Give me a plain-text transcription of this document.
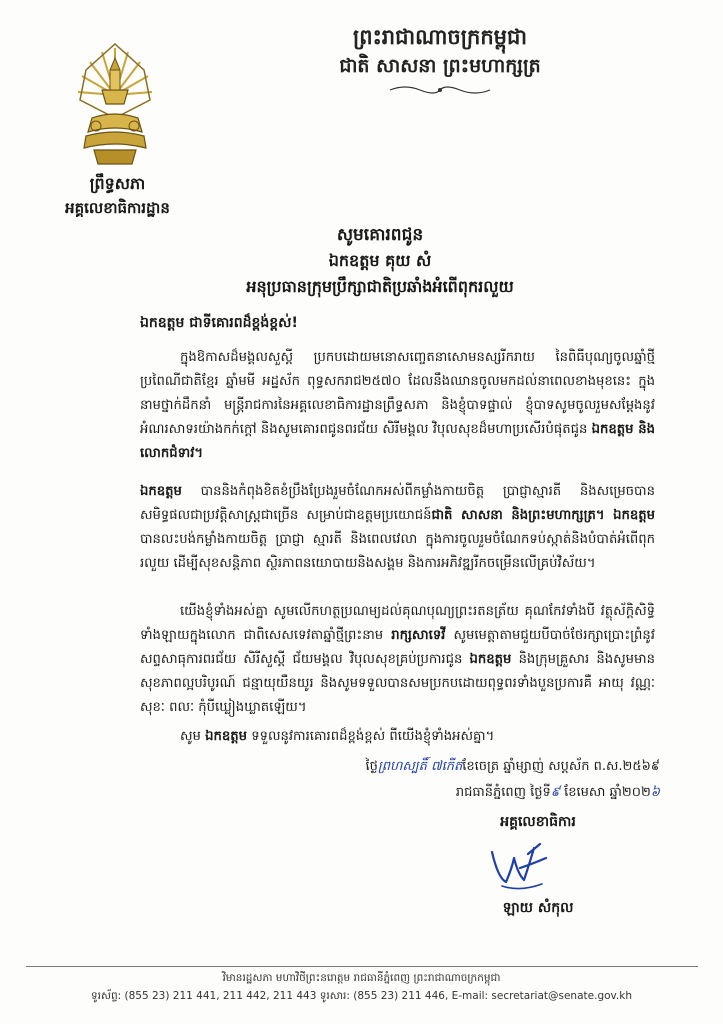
ព្រះរាជាណាចក្រកម្ពុជា
ជាតិ សាសនា ព្រះមហាក្សត្រ
ព្រឹទ្ធសភា
អគ្គលេខាធិការដ្ឋាន
សូមគោរពជូន
ឯកឧត្តម គុយ សំ
អនុប្រធានក្រុមប្រឹក្សាជាតិប្រឆាំងអំពើពុករលួយ
ឯកឧត្តម ជាទីគោរពដ៏ខ្ពង់ខ្ពស់!
ក្នុងឱកាសដ៏មង្គលសួស្តី ប្រកបដោយមនោសញ្ចេតនាសោមនស្សរីករាយ នៃពិធីបុណ្យចូលឆ្នាំថ្មី ប្រពៃណីជាតិខ្មែរ ឆ្នាំមមី អដ្ឋស័ក ពុទ្ធសករាជ២៥៧០ ដែលនឹងឈានចូលមកដល់នាពេលខាងមុខនេះ ក្នុងនាមថ្នាក់ដឹកនាំ មន្ត្រីរាជការនៃអគ្គលេខាធិការដ្ឋានព្រឹទ្ធសភា និងខ្ញុំបាទផ្ទាល់ ខ្ញុំបាទសូមចូលរួមសម្តែងនូវអំណរសាទរយ៉ាងកក់ក្តៅ និងសូមគោរពជូនពរជ័យ សិរីមង្គល វិបុលសុខដ៏មហាប្រសើរបំផុតជូន ឯកឧត្តម និងលោកជំទាវ។
ឯកឧត្តម បាននិងកំពុងខិតខំប្រឹងប្រែងរួមចំណែកអស់ពីកម្លាំងកាយចិត្ត ប្រាជ្ញាស្មារតី និងសម្រេចបានសមិទ្ធផលជាប្រវត្តិសាស្ត្រជាច្រើន សម្រាប់ជាឧត្តមប្រយោជន៍ជាតិ សាសនា និងព្រះមហាក្សត្រ។ ឯកឧត្តម បានលះបង់កម្លាំងកាយចិត្ត ប្រាជ្ញា ស្មារតី និងពេលវេលា ក្នុងការចូលរួមចំណែកទប់ស្កាត់និងបំបាត់អំពើពុករលួយ ដើម្បីសុខសន្តិភាព ស្ថិរភាពនយោបាយនិងសង្គម និងការអភិវឌ្ឍរីកចម្រើនលើគ្រប់វិស័យ។
យើងខ្ញុំទាំងអស់គ្នា សូមលើកហត្ថប្រណម្យដល់គុណបុណ្យព្រះរតនត្រ័យ គុណកែវទាំងបី វត្ថុស័ក្តិសិទ្ធិទាំងឡាយក្នុងលោក ជាពិសេសទេវតាឆ្នាំថ្មីព្រះនាម រាក្សសាទេវី សូមមេត្តាតាមជួយបីបាច់ថែរក្សាប្រោះព្រំនូវសព្ទសាធុការពរជ័យ សិរីសួស្តី ជ័យមង្គល វិបុលសុខគ្រប់ប្រការជូន ឯកឧត្តម និងក្រុមគ្រួសារ និងសូមមានសុខភាពល្អបរិបូរណ៍ ជន្មាយុយឺនយូរ និងសូមទទួលបានសមប្រកបដោយពុទ្ធពរទាំងបួនប្រការគឺ អាយុ វណ្ណៈ សុខៈ ពលៈ កុំបីឃ្លៀងឃ្លាតឡើយ។
សូម ឯកឧត្តម ទទួលនូវការគោរពដ៏ខ្ពង់ខ្ពស់ ពីយើងខ្ញុំទាំងអស់គ្នា។
ថ្ងៃព្រហស្បតិ៍ ៧កើតខែចេត្រ ឆ្នាំម្សាញ់ សប្តស័ក ព.ស.២៥៦៩
រាជធានីភ្នំពេញ ថ្ងៃទី៩ ខែមេសា ឆ្នាំ២០២៦
អគ្គលេខាធិការ
ឡាយ សំកុល
វិមានរដ្ឋសភា មហាវិថីព្រះនរោត្តម រាជធានីភ្នំពេញ ព្រះរាជាណាចក្រកម្ពុជា
ទូរស័ព្ទ: (855 23) 211 441, 211 442, 211 443 ទូរសារ: (855 23) 211 446, E-mail: secretariat@senate.gov.kh
